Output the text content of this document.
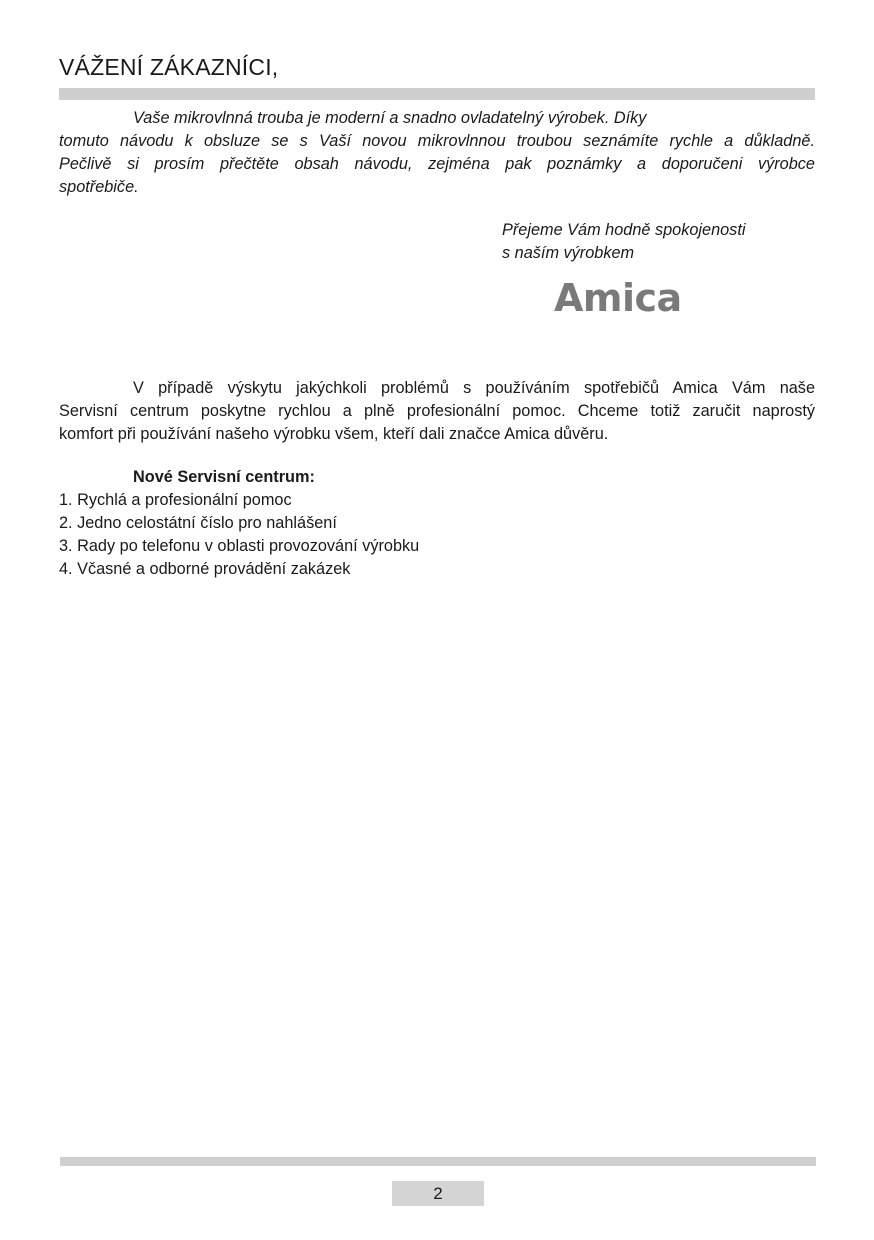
VÁŽENÍ ZÁKAZNÍCI,

Vaše mikrovlnná trouba je moderní a snadno ovladatelný výrobek. Díky

tomuto návodu k obsluze se s Vaší novou mikrovlnnou troubou seznámíte rychle a důkladně.

Pečlivě si prosím přečtěte obsah návodu, zejména pak poznámky a doporučeni výrobce

spotřebiče.

Přejeme Vám hodně spokojenosti

s naším výrobkem

Amica

V případě výskytu jakýchkoli problémů s používáním spotřebičů Amica Vám naše

Servisní centrum poskytne rychlou a plně profesionální pomoc. Chceme totiž zaručit naprostý

komfort při používání našeho výrobku všem, kteří dali značce Amica důvěru.

Nové Servisní centrum:

1. Rychlá a profesionální pomoc
2. Jedno celostátní číslo pro nahlášení
3. Rady po telefonu v oblasti provozování výrobku
4. Včasné a odborné provádění zakázek
2
